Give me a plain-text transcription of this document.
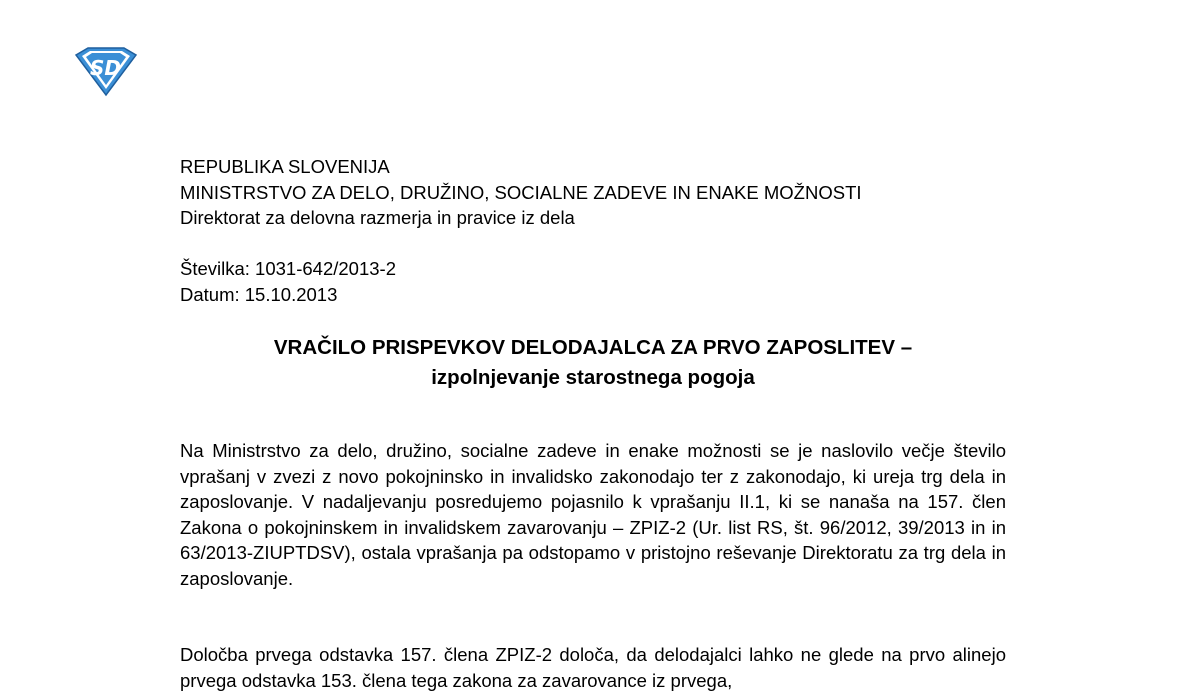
SD
REPUBLIKA SLOVENIJA
MINISTRSTVO ZA DELO, DRUŽINO, SOCIALNE ZADEVE IN ENAKE MOŽNOSTI
Direktorat za delovna razmerja in pravice iz dela
Številka: 1031-642/2013-2
Datum: 15.10.2013
VRAČILO PRISPEVKOV DELODAJALCA ZA PRVO ZAPOSLITEV –
izpolnjevanje starostnega pogoja
Na Ministrstvo za delo, družino, socialne zadeve in enake možnosti se je naslovilo večje število vprašanj v zvezi z novo pokojninsko in invalidsko zakonodajo ter z zakonodajo, ki ureja trg dela in zaposlovanje. V nadaljevanju posredujemo pojasnilo k vprašanju II.1, ki se nanaša na 157. člen Zakona o pokojninskem in invalidskem zavarovanju – ZPIZ-2 (Ur. list RS, št. 96/2012, 39/2013 in in 63/2013-ZIUPTDSV), ostala vprašanja pa odstopamo v pristojno reševanje Direktoratu za trg dela in zaposlovanje.
Določba prvega odstavka 157. člena ZPIZ-2 določa, da delodajalci lahko ne glede na prvo alinejo prvega odstavka 153. člena tega zakona za zavarovance iz prvega,
